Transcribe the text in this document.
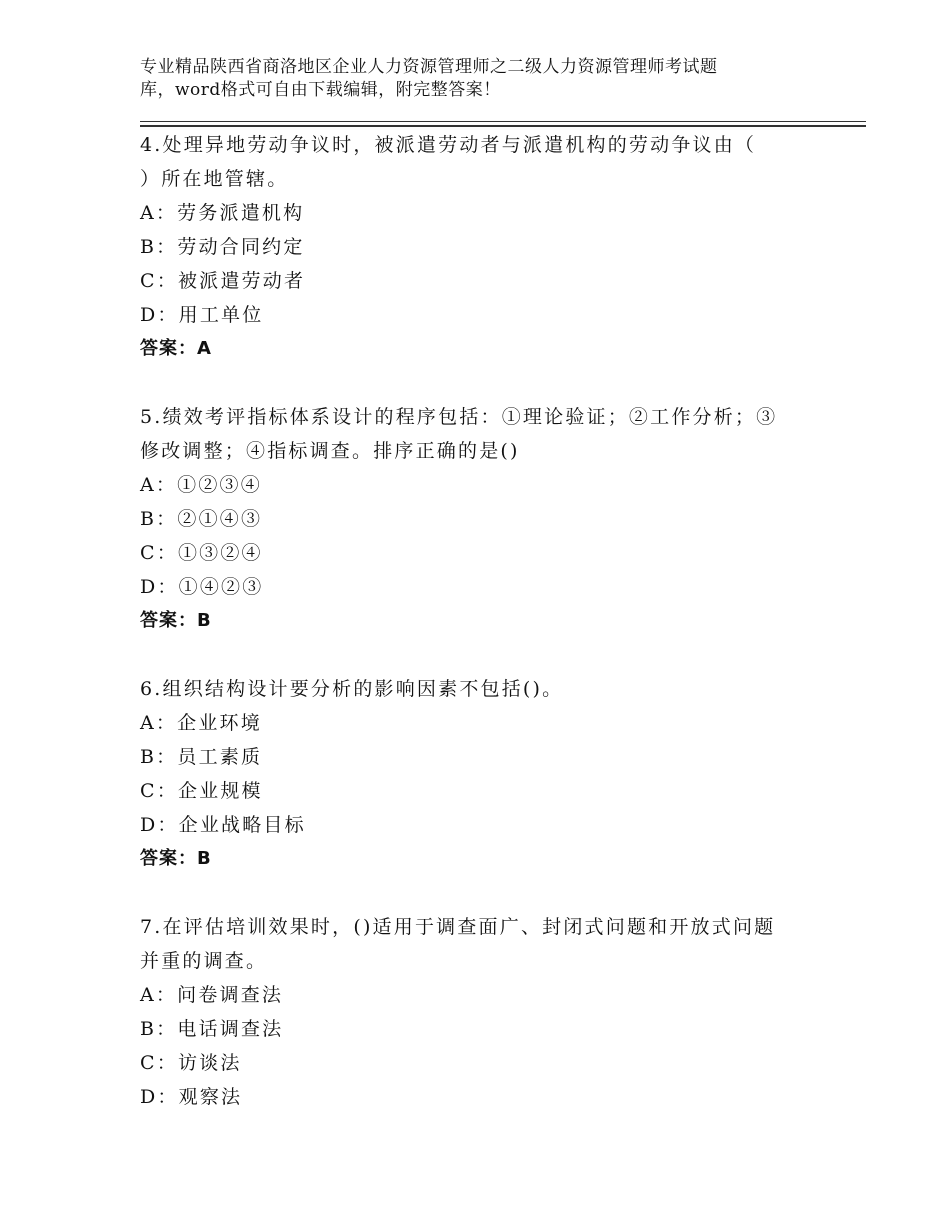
专业精品陕西省商洛地区企业人力资源管理师之二级人力资源管理师考试题
库，word格式可自由下载编辑，附完整答案！

4.处理异地劳动争议时，被派遣劳动者与派遣机构的劳动争议由（

）所在地管辖。

A：劳务派遣机构

B：劳动合同约定

C：被派遣劳动者

D：用工单位

答案：A

5.绩效考评指标体系设计的程序包括：①理论验证；②工作分析；③

修改调整；④指标调查。排序正确的是()

A：①②③④

B：②①④③

C：①③②④

D：①④②③

答案：B

6.组织结构设计要分析的影响因素不包括()。

A：企业环境

B：员工素质

C：企业规模

D：企业战略目标

答案：B

7.在评估培训效果时，()适用于调查面广、封闭式问题和开放式问题

并重的调查。

A：问卷调查法

B：电话调查法

C：访谈法

D：观察法
